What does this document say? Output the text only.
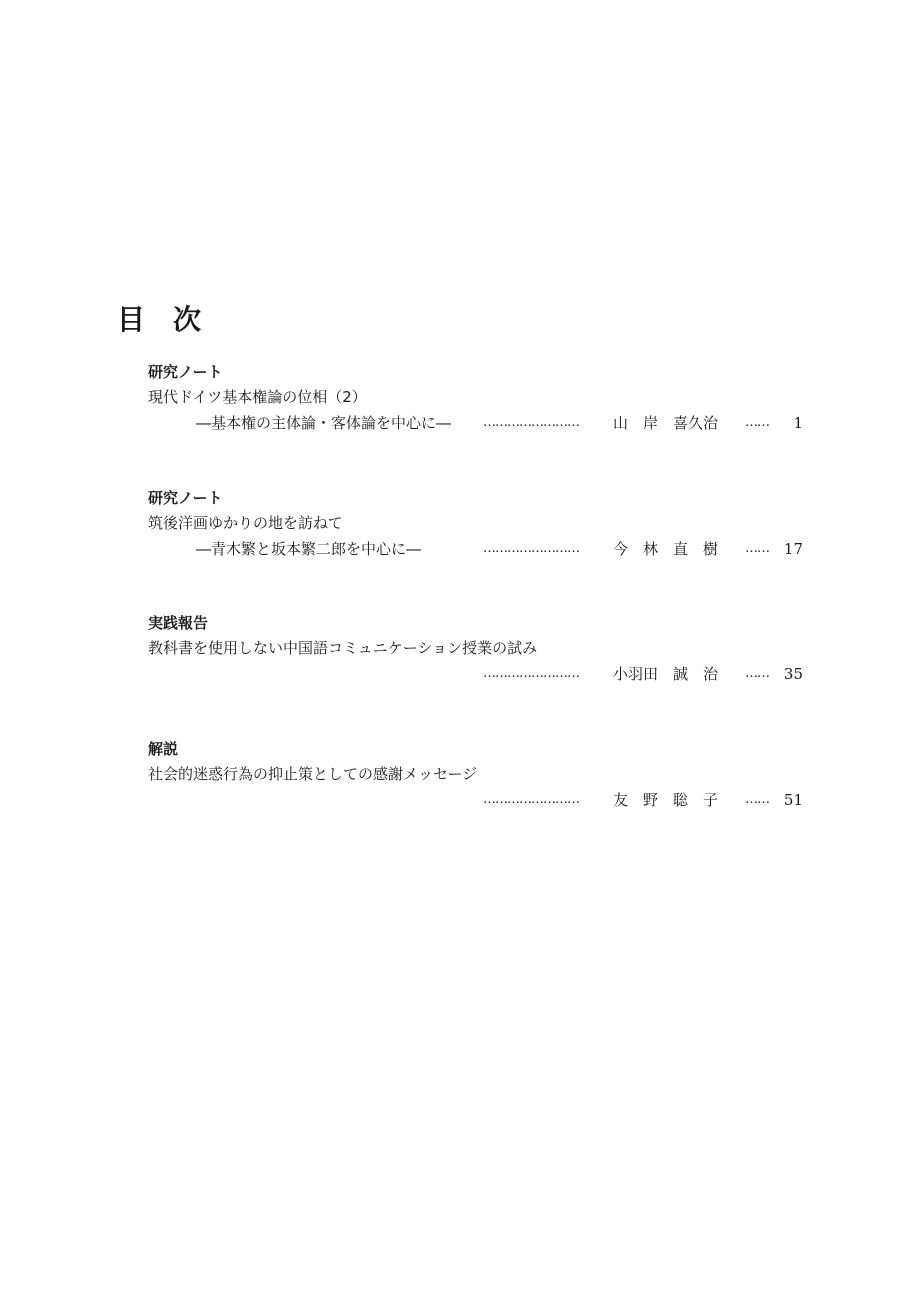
目　次
研究ノート
現代ドイツ基本権論の位相（2）
―基本権の主体論・客体論を中心に― …………………… 山　岸　喜久治	…… 1
研究ノート
筑後洋画ゆかりの地を訪ねて
―青木繁と坂本繁二郎を中心に―	…………………… 今　林　直　樹	…… 17
実践報告
教科書を使用しない中国語コミュニケーション授業の試み
…………………… 小羽田　誠　治	…… 35
解説
社会的迷惑行為の抑止策としての感謝メッセージ
…………………… 友　野　聡　子	…… 51
